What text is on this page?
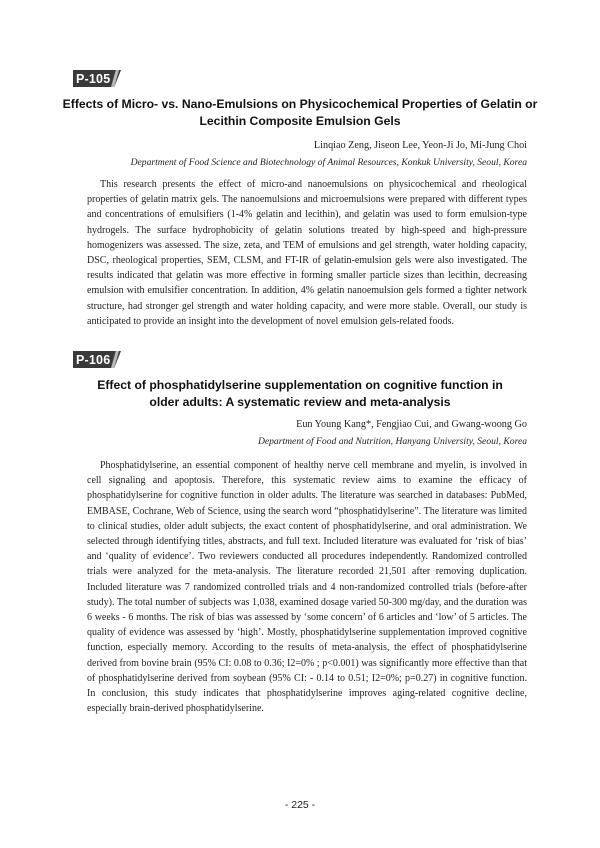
P-105
Effects of Micro- vs. Nano-Emulsions on Physicochemical Properties of Gelatin or
Lecithin Composite Emulsion Gels
Linqiao Zeng, Jiseon Lee, Yeon-Ji Jo, Mi-Jung Choi
Department of Food Science and Biotechnology of Animal Resources, Konkuk University, Seoul, Korea

This research presents the effect of micro-and nanoemulsions on physicochemical and rheological properties of gelatin matrix gels. The nanoemulsions and microemulsions were prepared with different types and concentrations of emulsifiers (1-4% gelatin and lecithin), and gelatin was used to form emulsion-type hydrogels. The surface hydrophobicity of gelatin solutions treated by high-speed and high-pressure homogenizers was assessed. The size, zeta, and TEM of emulsions and gel strength, water holding capacity, DSC, rheological properties, SEM, CLSM, and FT-IR of gelatin-emulsion gels were also investigated. The results indicated that gelatin was more effective in forming smaller particle sizes than lecithin, decreasing emulsion with emulsifier concentration. In addition, 4% gelatin nanoemulsion gels formed a tighter network structure, had stronger gel strength and water holding capacity, and were more stable. Overall, our study is anticipated to provide an insight into the development of novel emulsion gels-related foods.

P-106
Effect of phosphatidylserine supplementation on cognitive function in
older adults: A systematic review and meta-analysis
Eun Young Kang*, Fengjiao Cui, and Gwang-woong Go
Department of Food and Nutrition, Hanyang University, Seoul, Korea

Phosphatidylserine, an essential component of healthy nerve cell membrane and myelin, is involved in cell signaling and apoptosis. Therefore, this systematic review aims to examine the efficacy of phosphatidylserine for cognitive function in older adults. The literature was searched in databases: PubMed, EMBASE, Cochrane, Web of Science, using the search word “phosphatidylserine”. The literature was limited to clinical studies, older adult subjects, the exact content of phosphatidylserine, and oral administration. We selected through identifying titles, abstracts, and full text. Included literature was evaluated for ‘risk of bias’ and ‘quality of evidence’. Two reviewers conducted all procedures independently. Randomized controlled trials were analyzed for the meta-analysis. The literature recorded 21,501 after removing duplication. Included literature was 7 randomized controlled trials and 4 non-randomized controlled trials (before-after study). The total number of subjects was 1,038, examined dosage varied 50-300 mg/day, and the duration was 6 weeks - 6 months. The risk of bias was assessed by ‘some concern’ of 6 articles and ‘low’ of 5 articles. The quality of evidence was assessed by ‘high’. Mostly, phosphatidylserine supplementation improved cognitive function, especially memory. According to the results of meta-analysis, the effect of phosphatidylserine derived from bovine brain (95% CI: 0.08 to 0.36; I2=0% ; p<0.001) was significantly more effective than that of phosphatidylserine derived from soybean (95% CI: - 0.14 to 0.51; I2=0%; p=0.27) in cognitive function. In conclusion, this study indicates that phosphatidylserine improves aging-related cognitive decline, especially brain-derived phosphatidylserine.

- 225 -
